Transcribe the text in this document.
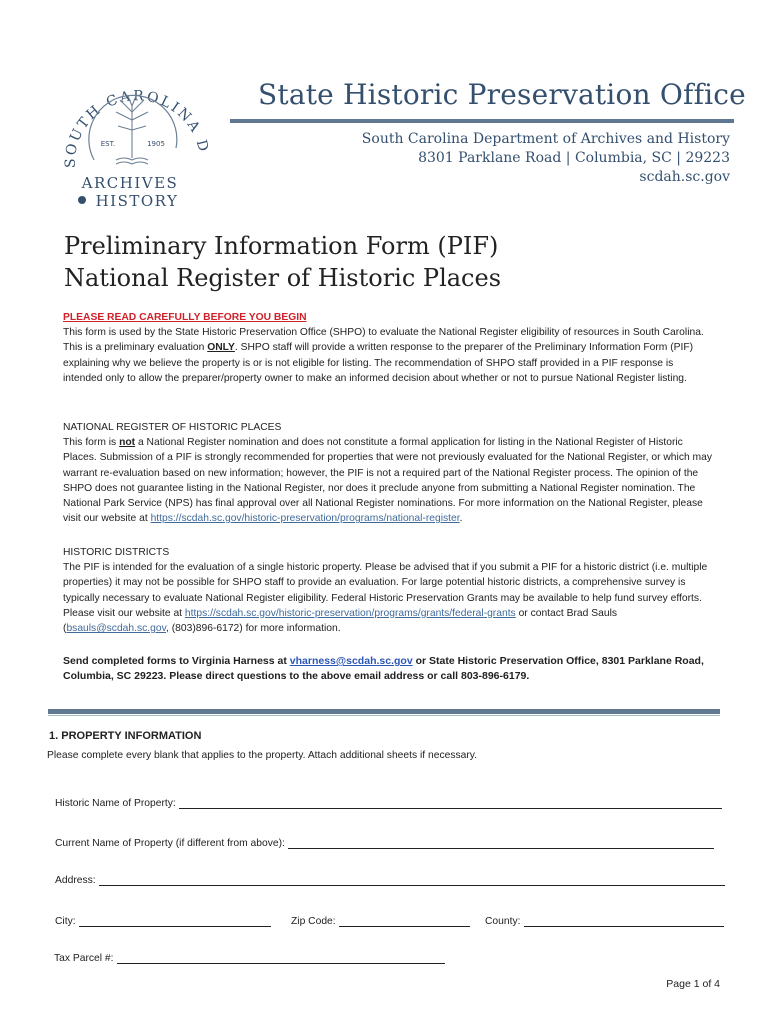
SOUTH CAROLINA D
EST.	1905
ARCHIVES
HISTORY
State Historic Preservation Office
South Carolina Department of Archives and History
8301 Parklane Road | Columbia, SC | 29223
scdah.sc.gov
Preliminary Information Form (PIF)
National Register of Historic Places
PLEASE READ CAREFULLY BEFORE YOU BEGIN
This form is used by the State Historic Preservation Office (SHPO) to evaluate the National Register eligibility of resources in South Carolina. This is a preliminary evaluation ONLY. SHPO staff will provide a written response to the preparer of the Preliminary Information Form (PIF) explaining why we believe the property is or is not eligible for listing. The recommendation of SHPO staff provided in a PIF response is intended only to allow the preparer/property owner to make an informed decision about whether or not to pursue National Register listing.
NATIONAL REGISTER OF HISTORIC PLACES
This form is not a National Register nomination and does not constitute a formal application for listing in the National Register of Historic Places. Submission of a PIF is strongly recommended for properties that were not previously evaluated for the National Register, or which may warrant re-evaluation based on new information; however, the PIF is not a required part of the National Register process. The opinion of the SHPO does not guarantee listing in the National Register, nor does it preclude anyone from submitting a National Register nomination. The National Park Service (NPS) has final approval over all National Register nominations. For more information on the National Register, please visit our website at https://scdah.sc.gov/historic-preservation/programs/national-register.
HISTORIC DISTRICTS
The PIF is intended for the evaluation of a single historic property. Please be advised that if you submit a PIF for a historic district (i.e. multiple properties) it may not be possible for SHPO staff to provide an evaluation. For large potential historic districts, a comprehensive survey is typically necessary to evaluate National Register eligibility. Federal Historic Preservation Grants may be available to help fund survey efforts. Please visit our website at https://scdah.sc.gov/historic-preservation/programs/grants/federal-grants or contact Brad Sauls (bsauls@scdah.sc.gov, (803)896-6172) for more information.
Send completed forms to Virginia Harness at vharness@scdah.sc.gov or State Historic Preservation Office, 8301 Parklane Road, Columbia, SC 29223. Please direct questions to the above email address or call 803-896-6179.
1. PROPERTY INFORMATION
Please complete every blank that applies to the property. Attach additional sheets if necessary.
Historic Name of Property:
Current Name of Property (if different from above):
Address:
City:	Zip Code:	County:
Tax Parcel #:
Page 1 of 4
